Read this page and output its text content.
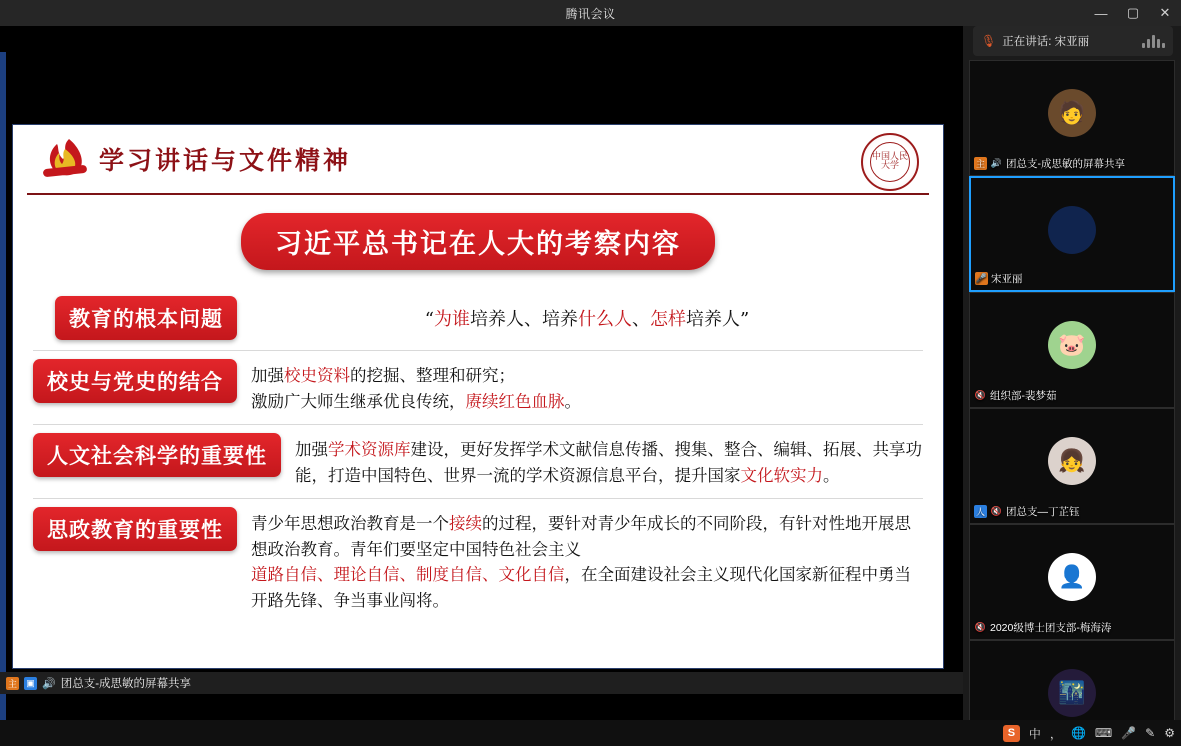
腾讯会议	—	▢	✕
学习讲话与文件精神	中国人民大学
习近平总书记在人大的考察内容
教育的根本问题	“为谁培养人、培养什么人、怎样培养人”
校史与党史的结合	加强校史资料的挖掘、整理和研究；
激励广大师生继承优良传统，赓续红色血脉。
人文社会科学的重要性	加强学术资源库建设，更好发挥学术文献信息传播、搜集、整合、编辑、拓展、共享功能，打造中国特色、世界一流的学术资源信息平台，提升国家文化软实力。
思政教育的重要性	青少年思想政治教育是一个接续的过程，要针对青少年成长的不同阶段，有针对性地开展思想政治教育。青年们要坚定中国特色社会主义
道路自信、理论自信、制度自信、文化自信，在全面建设社会主义现代化国家新征程中勇当开路先锋、争当事业闯将。
主 ▣ 🔊 团总支-成思敏的屏幕共享
🎙 正在讲话: 宋亚丽
🧑
主 🔊 团总支-成思敏的屏幕共享
🎤 宋亚丽
🐷
🔇 组织部-裴梦茹
👧
人 🔇 团总支—丁芷钰
👤
🔇 2020级博士团支部-梅海涛
🌃
S	中 ， 🌐 ⌨ 🎤 ✎ ⚙
